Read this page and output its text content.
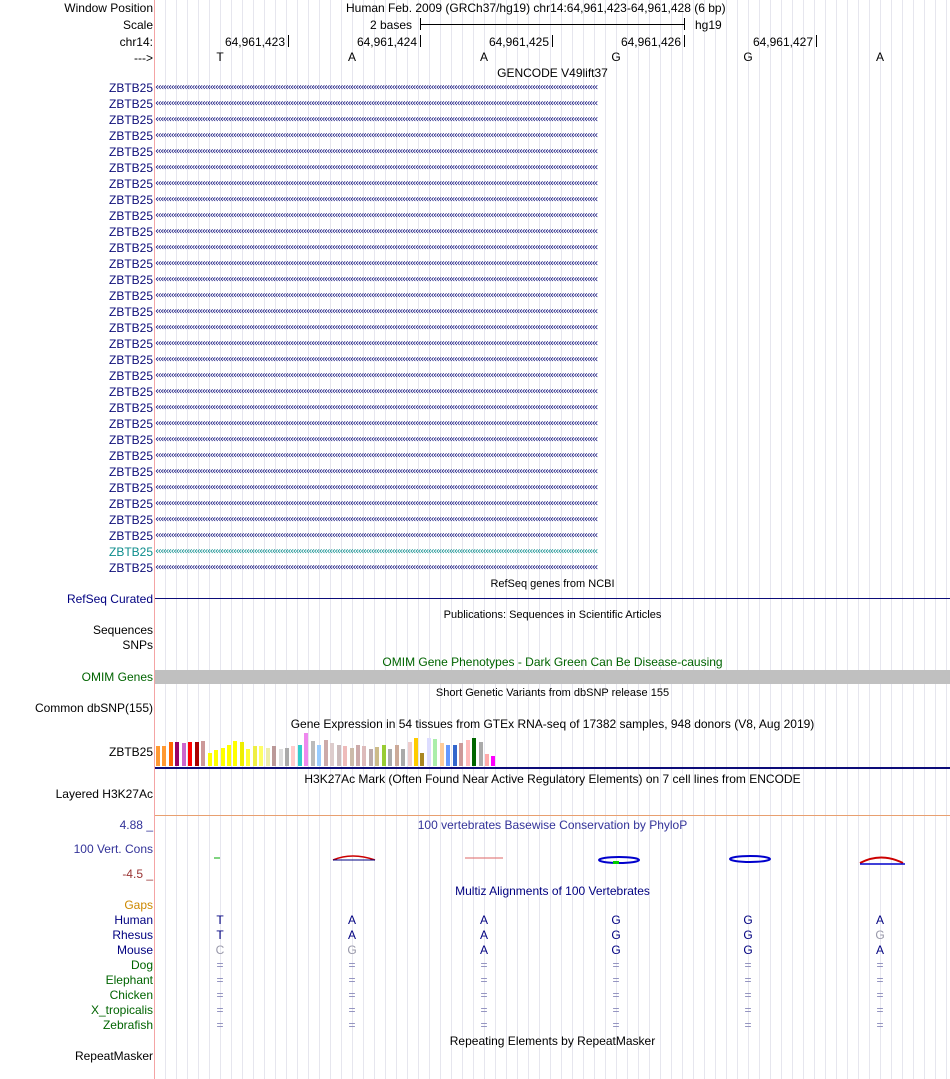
Window Position	Human Feb. 2009 (GRCh37/hg19) chr14:64,961,423-64,961,428 (6 bp)
Scale	2 bases	hg19
chr14:	64,961,423	64,961,424	64,961,425	64,961,426	64,961,427
--->	T	A	A	G	G	A
GENCODE V49lift37
ZBTB25 ‹‹‹‹‹‹‹‹‹‹‹‹‹‹‹‹‹‹‹‹‹‹‹‹‹‹‹‹‹‹‹‹‹‹‹‹‹‹‹‹‹‹‹‹‹‹‹‹‹‹‹‹‹‹‹‹‹‹‹‹‹‹‹‹‹‹‹‹‹‹‹‹‹‹‹‹‹‹‹‹‹‹‹‹‹‹‹‹‹‹‹‹‹‹‹‹‹‹‹‹‹‹‹‹‹‹‹‹‹‹‹‹‹‹‹‹‹‹‹‹‹‹‹‹‹‹‹‹‹‹‹‹‹‹‹‹‹‹‹‹‹‹‹‹‹‹‹‹‹‹‹‹‹‹‹‹‹‹‹‹‹‹‹‹‹‹‹‹‹‹
ZBTB25 ‹‹‹‹‹‹‹‹‹‹‹‹‹‹‹‹‹‹‹‹‹‹‹‹‹‹‹‹‹‹‹‹‹‹‹‹‹‹‹‹‹‹‹‹‹‹‹‹‹‹‹‹‹‹‹‹‹‹‹‹‹‹‹‹‹‹‹‹‹‹‹‹‹‹‹‹‹‹‹‹‹‹‹‹‹‹‹‹‹‹‹‹‹‹‹‹‹‹‹‹‹‹‹‹‹‹‹‹‹‹‹‹‹‹‹‹‹‹‹‹‹‹‹‹‹‹‹‹‹‹‹‹‹‹‹‹‹‹‹‹‹‹‹‹‹‹‹‹‹‹‹‹‹‹‹‹‹‹‹‹‹‹‹‹‹‹‹‹‹‹
ZBTB25 ‹‹‹‹‹‹‹‹‹‹‹‹‹‹‹‹‹‹‹‹‹‹‹‹‹‹‹‹‹‹‹‹‹‹‹‹‹‹‹‹‹‹‹‹‹‹‹‹‹‹‹‹‹‹‹‹‹‹‹‹‹‹‹‹‹‹‹‹‹‹‹‹‹‹‹‹‹‹‹‹‹‹‹‹‹‹‹‹‹‹‹‹‹‹‹‹‹‹‹‹‹‹‹‹‹‹‹‹‹‹‹‹‹‹‹‹‹‹‹‹‹‹‹‹‹‹‹‹‹‹‹‹‹‹‹‹‹‹‹‹‹‹‹‹‹‹‹‹‹‹‹‹‹‹‹‹‹‹‹‹‹‹‹‹‹‹‹‹‹‹
ZBTB25 ‹‹‹‹‹‹‹‹‹‹‹‹‹‹‹‹‹‹‹‹‹‹‹‹‹‹‹‹‹‹‹‹‹‹‹‹‹‹‹‹‹‹‹‹‹‹‹‹‹‹‹‹‹‹‹‹‹‹‹‹‹‹‹‹‹‹‹‹‹‹‹‹‹‹‹‹‹‹‹‹‹‹‹‹‹‹‹‹‹‹‹‹‹‹‹‹‹‹‹‹‹‹‹‹‹‹‹‹‹‹‹‹‹‹‹‹‹‹‹‹‹‹‹‹‹‹‹‹‹‹‹‹‹‹‹‹‹‹‹‹‹‹‹‹‹‹‹‹‹‹‹‹‹‹‹‹‹‹‹‹‹‹‹‹‹‹‹‹‹‹
ZBTB25 ‹‹‹‹‹‹‹‹‹‹‹‹‹‹‹‹‹‹‹‹‹‹‹‹‹‹‹‹‹‹‹‹‹‹‹‹‹‹‹‹‹‹‹‹‹‹‹‹‹‹‹‹‹‹‹‹‹‹‹‹‹‹‹‹‹‹‹‹‹‹‹‹‹‹‹‹‹‹‹‹‹‹‹‹‹‹‹‹‹‹‹‹‹‹‹‹‹‹‹‹‹‹‹‹‹‹‹‹‹‹‹‹‹‹‹‹‹‹‹‹‹‹‹‹‹‹‹‹‹‹‹‹‹‹‹‹‹‹‹‹‹‹‹‹‹‹‹‹‹‹‹‹‹‹‹‹‹‹‹‹‹‹‹‹‹‹‹‹‹‹
ZBTB25 ‹‹‹‹‹‹‹‹‹‹‹‹‹‹‹‹‹‹‹‹‹‹‹‹‹‹‹‹‹‹‹‹‹‹‹‹‹‹‹‹‹‹‹‹‹‹‹‹‹‹‹‹‹‹‹‹‹‹‹‹‹‹‹‹‹‹‹‹‹‹‹‹‹‹‹‹‹‹‹‹‹‹‹‹‹‹‹‹‹‹‹‹‹‹‹‹‹‹‹‹‹‹‹‹‹‹‹‹‹‹‹‹‹‹‹‹‹‹‹‹‹‹‹‹‹‹‹‹‹‹‹‹‹‹‹‹‹‹‹‹‹‹‹‹‹‹‹‹‹‹‹‹‹‹‹‹‹‹‹‹‹‹‹‹‹‹‹‹‹‹
ZBTB25 ‹‹‹‹‹‹‹‹‹‹‹‹‹‹‹‹‹‹‹‹‹‹‹‹‹‹‹‹‹‹‹‹‹‹‹‹‹‹‹‹‹‹‹‹‹‹‹‹‹‹‹‹‹‹‹‹‹‹‹‹‹‹‹‹‹‹‹‹‹‹‹‹‹‹‹‹‹‹‹‹‹‹‹‹‹‹‹‹‹‹‹‹‹‹‹‹‹‹‹‹‹‹‹‹‹‹‹‹‹‹‹‹‹‹‹‹‹‹‹‹‹‹‹‹‹‹‹‹‹‹‹‹‹‹‹‹‹‹‹‹‹‹‹‹‹‹‹‹‹‹‹‹‹‹‹‹‹‹‹‹‹‹‹‹‹‹‹‹‹‹
ZBTB25 ‹‹‹‹‹‹‹‹‹‹‹‹‹‹‹‹‹‹‹‹‹‹‹‹‹‹‹‹‹‹‹‹‹‹‹‹‹‹‹‹‹‹‹‹‹‹‹‹‹‹‹‹‹‹‹‹‹‹‹‹‹‹‹‹‹‹‹‹‹‹‹‹‹‹‹‹‹‹‹‹‹‹‹‹‹‹‹‹‹‹‹‹‹‹‹‹‹‹‹‹‹‹‹‹‹‹‹‹‹‹‹‹‹‹‹‹‹‹‹‹‹‹‹‹‹‹‹‹‹‹‹‹‹‹‹‹‹‹‹‹‹‹‹‹‹‹‹‹‹‹‹‹‹‹‹‹‹‹‹‹‹‹‹‹‹‹‹‹‹‹
ZBTB25 ‹‹‹‹‹‹‹‹‹‹‹‹‹‹‹‹‹‹‹‹‹‹‹‹‹‹‹‹‹‹‹‹‹‹‹‹‹‹‹‹‹‹‹‹‹‹‹‹‹‹‹‹‹‹‹‹‹‹‹‹‹‹‹‹‹‹‹‹‹‹‹‹‹‹‹‹‹‹‹‹‹‹‹‹‹‹‹‹‹‹‹‹‹‹‹‹‹‹‹‹‹‹‹‹‹‹‹‹‹‹‹‹‹‹‹‹‹‹‹‹‹‹‹‹‹‹‹‹‹‹‹‹‹‹‹‹‹‹‹‹‹‹‹‹‹‹‹‹‹‹‹‹‹‹‹‹‹‹‹‹‹‹‹‹‹‹‹‹‹‹
ZBTB25 ‹‹‹‹‹‹‹‹‹‹‹‹‹‹‹‹‹‹‹‹‹‹‹‹‹‹‹‹‹‹‹‹‹‹‹‹‹‹‹‹‹‹‹‹‹‹‹‹‹‹‹‹‹‹‹‹‹‹‹‹‹‹‹‹‹‹‹‹‹‹‹‹‹‹‹‹‹‹‹‹‹‹‹‹‹‹‹‹‹‹‹‹‹‹‹‹‹‹‹‹‹‹‹‹‹‹‹‹‹‹‹‹‹‹‹‹‹‹‹‹‹‹‹‹‹‹‹‹‹‹‹‹‹‹‹‹‹‹‹‹‹‹‹‹‹‹‹‹‹‹‹‹‹‹‹‹‹‹‹‹‹‹‹‹‹‹‹‹‹‹
ZBTB25 ‹‹‹‹‹‹‹‹‹‹‹‹‹‹‹‹‹‹‹‹‹‹‹‹‹‹‹‹‹‹‹‹‹‹‹‹‹‹‹‹‹‹‹‹‹‹‹‹‹‹‹‹‹‹‹‹‹‹‹‹‹‹‹‹‹‹‹‹‹‹‹‹‹‹‹‹‹‹‹‹‹‹‹‹‹‹‹‹‹‹‹‹‹‹‹‹‹‹‹‹‹‹‹‹‹‹‹‹‹‹‹‹‹‹‹‹‹‹‹‹‹‹‹‹‹‹‹‹‹‹‹‹‹‹‹‹‹‹‹‹‹‹‹‹‹‹‹‹‹‹‹‹‹‹‹‹‹‹‹‹‹‹‹‹‹‹‹‹‹‹
ZBTB25 ‹‹‹‹‹‹‹‹‹‹‹‹‹‹‹‹‹‹‹‹‹‹‹‹‹‹‹‹‹‹‹‹‹‹‹‹‹‹‹‹‹‹‹‹‹‹‹‹‹‹‹‹‹‹‹‹‹‹‹‹‹‹‹‹‹‹‹‹‹‹‹‹‹‹‹‹‹‹‹‹‹‹‹‹‹‹‹‹‹‹‹‹‹‹‹‹‹‹‹‹‹‹‹‹‹‹‹‹‹‹‹‹‹‹‹‹‹‹‹‹‹‹‹‹‹‹‹‹‹‹‹‹‹‹‹‹‹‹‹‹‹‹‹‹‹‹‹‹‹‹‹‹‹‹‹‹‹‹‹‹‹‹‹‹‹‹‹‹‹‹
ZBTB25 ‹‹‹‹‹‹‹‹‹‹‹‹‹‹‹‹‹‹‹‹‹‹‹‹‹‹‹‹‹‹‹‹‹‹‹‹‹‹‹‹‹‹‹‹‹‹‹‹‹‹‹‹‹‹‹‹‹‹‹‹‹‹‹‹‹‹‹‹‹‹‹‹‹‹‹‹‹‹‹‹‹‹‹‹‹‹‹‹‹‹‹‹‹‹‹‹‹‹‹‹‹‹‹‹‹‹‹‹‹‹‹‹‹‹‹‹‹‹‹‹‹‹‹‹‹‹‹‹‹‹‹‹‹‹‹‹‹‹‹‹‹‹‹‹‹‹‹‹‹‹‹‹‹‹‹‹‹‹‹‹‹‹‹‹‹‹‹‹‹‹
ZBTB25 ‹‹‹‹‹‹‹‹‹‹‹‹‹‹‹‹‹‹‹‹‹‹‹‹‹‹‹‹‹‹‹‹‹‹‹‹‹‹‹‹‹‹‹‹‹‹‹‹‹‹‹‹‹‹‹‹‹‹‹‹‹‹‹‹‹‹‹‹‹‹‹‹‹‹‹‹‹‹‹‹‹‹‹‹‹‹‹‹‹‹‹‹‹‹‹‹‹‹‹‹‹‹‹‹‹‹‹‹‹‹‹‹‹‹‹‹‹‹‹‹‹‹‹‹‹‹‹‹‹‹‹‹‹‹‹‹‹‹‹‹‹‹‹‹‹‹‹‹‹‹‹‹‹‹‹‹‹‹‹‹‹‹‹‹‹‹‹‹‹‹
ZBTB25 ‹‹‹‹‹‹‹‹‹‹‹‹‹‹‹‹‹‹‹‹‹‹‹‹‹‹‹‹‹‹‹‹‹‹‹‹‹‹‹‹‹‹‹‹‹‹‹‹‹‹‹‹‹‹‹‹‹‹‹‹‹‹‹‹‹‹‹‹‹‹‹‹‹‹‹‹‹‹‹‹‹‹‹‹‹‹‹‹‹‹‹‹‹‹‹‹‹‹‹‹‹‹‹‹‹‹‹‹‹‹‹‹‹‹‹‹‹‹‹‹‹‹‹‹‹‹‹‹‹‹‹‹‹‹‹‹‹‹‹‹‹‹‹‹‹‹‹‹‹‹‹‹‹‹‹‹‹‹‹‹‹‹‹‹‹‹‹‹‹‹
ZBTB25 ‹‹‹‹‹‹‹‹‹‹‹‹‹‹‹‹‹‹‹‹‹‹‹‹‹‹‹‹‹‹‹‹‹‹‹‹‹‹‹‹‹‹‹‹‹‹‹‹‹‹‹‹‹‹‹‹‹‹‹‹‹‹‹‹‹‹‹‹‹‹‹‹‹‹‹‹‹‹‹‹‹‹‹‹‹‹‹‹‹‹‹‹‹‹‹‹‹‹‹‹‹‹‹‹‹‹‹‹‹‹‹‹‹‹‹‹‹‹‹‹‹‹‹‹‹‹‹‹‹‹‹‹‹‹‹‹‹‹‹‹‹‹‹‹‹‹‹‹‹‹‹‹‹‹‹‹‹‹‹‹‹‹‹‹‹‹‹‹‹‹
ZBTB25 ‹‹‹‹‹‹‹‹‹‹‹‹‹‹‹‹‹‹‹‹‹‹‹‹‹‹‹‹‹‹‹‹‹‹‹‹‹‹‹‹‹‹‹‹‹‹‹‹‹‹‹‹‹‹‹‹‹‹‹‹‹‹‹‹‹‹‹‹‹‹‹‹‹‹‹‹‹‹‹‹‹‹‹‹‹‹‹‹‹‹‹‹‹‹‹‹‹‹‹‹‹‹‹‹‹‹‹‹‹‹‹‹‹‹‹‹‹‹‹‹‹‹‹‹‹‹‹‹‹‹‹‹‹‹‹‹‹‹‹‹‹‹‹‹‹‹‹‹‹‹‹‹‹‹‹‹‹‹‹‹‹‹‹‹‹‹‹‹‹‹
ZBTB25 ‹‹‹‹‹‹‹‹‹‹‹‹‹‹‹‹‹‹‹‹‹‹‹‹‹‹‹‹‹‹‹‹‹‹‹‹‹‹‹‹‹‹‹‹‹‹‹‹‹‹‹‹‹‹‹‹‹‹‹‹‹‹‹‹‹‹‹‹‹‹‹‹‹‹‹‹‹‹‹‹‹‹‹‹‹‹‹‹‹‹‹‹‹‹‹‹‹‹‹‹‹‹‹‹‹‹‹‹‹‹‹‹‹‹‹‹‹‹‹‹‹‹‹‹‹‹‹‹‹‹‹‹‹‹‹‹‹‹‹‹‹‹‹‹‹‹‹‹‹‹‹‹‹‹‹‹‹‹‹‹‹‹‹‹‹‹‹‹‹‹
ZBTB25 ‹‹‹‹‹‹‹‹‹‹‹‹‹‹‹‹‹‹‹‹‹‹‹‹‹‹‹‹‹‹‹‹‹‹‹‹‹‹‹‹‹‹‹‹‹‹‹‹‹‹‹‹‹‹‹‹‹‹‹‹‹‹‹‹‹‹‹‹‹‹‹‹‹‹‹‹‹‹‹‹‹‹‹‹‹‹‹‹‹‹‹‹‹‹‹‹‹‹‹‹‹‹‹‹‹‹‹‹‹‹‹‹‹‹‹‹‹‹‹‹‹‹‹‹‹‹‹‹‹‹‹‹‹‹‹‹‹‹‹‹‹‹‹‹‹‹‹‹‹‹‹‹‹‹‹‹‹‹‹‹‹‹‹‹‹‹‹‹‹‹
ZBTB25 ‹‹‹‹‹‹‹‹‹‹‹‹‹‹‹‹‹‹‹‹‹‹‹‹‹‹‹‹‹‹‹‹‹‹‹‹‹‹‹‹‹‹‹‹‹‹‹‹‹‹‹‹‹‹‹‹‹‹‹‹‹‹‹‹‹‹‹‹‹‹‹‹‹‹‹‹‹‹‹‹‹‹‹‹‹‹‹‹‹‹‹‹‹‹‹‹‹‹‹‹‹‹‹‹‹‹‹‹‹‹‹‹‹‹‹‹‹‹‹‹‹‹‹‹‹‹‹‹‹‹‹‹‹‹‹‹‹‹‹‹‹‹‹‹‹‹‹‹‹‹‹‹‹‹‹‹‹‹‹‹‹‹‹‹‹‹‹‹‹‹
ZBTB25 ‹‹‹‹‹‹‹‹‹‹‹‹‹‹‹‹‹‹‹‹‹‹‹‹‹‹‹‹‹‹‹‹‹‹‹‹‹‹‹‹‹‹‹‹‹‹‹‹‹‹‹‹‹‹‹‹‹‹‹‹‹‹‹‹‹‹‹‹‹‹‹‹‹‹‹‹‹‹‹‹‹‹‹‹‹‹‹‹‹‹‹‹‹‹‹‹‹‹‹‹‹‹‹‹‹‹‹‹‹‹‹‹‹‹‹‹‹‹‹‹‹‹‹‹‹‹‹‹‹‹‹‹‹‹‹‹‹‹‹‹‹‹‹‹‹‹‹‹‹‹‹‹‹‹‹‹‹‹‹‹‹‹‹‹‹‹‹‹‹‹
ZBTB25 ‹‹‹‹‹‹‹‹‹‹‹‹‹‹‹‹‹‹‹‹‹‹‹‹‹‹‹‹‹‹‹‹‹‹‹‹‹‹‹‹‹‹‹‹‹‹‹‹‹‹‹‹‹‹‹‹‹‹‹‹‹‹‹‹‹‹‹‹‹‹‹‹‹‹‹‹‹‹‹‹‹‹‹‹‹‹‹‹‹‹‹‹‹‹‹‹‹‹‹‹‹‹‹‹‹‹‹‹‹‹‹‹‹‹‹‹‹‹‹‹‹‹‹‹‹‹‹‹‹‹‹‹‹‹‹‹‹‹‹‹‹‹‹‹‹‹‹‹‹‹‹‹‹‹‹‹‹‹‹‹‹‹‹‹‹‹‹‹‹‹
ZBTB25 ‹‹‹‹‹‹‹‹‹‹‹‹‹‹‹‹‹‹‹‹‹‹‹‹‹‹‹‹‹‹‹‹‹‹‹‹‹‹‹‹‹‹‹‹‹‹‹‹‹‹‹‹‹‹‹‹‹‹‹‹‹‹‹‹‹‹‹‹‹‹‹‹‹‹‹‹‹‹‹‹‹‹‹‹‹‹‹‹‹‹‹‹‹‹‹‹‹‹‹‹‹‹‹‹‹‹‹‹‹‹‹‹‹‹‹‹‹‹‹‹‹‹‹‹‹‹‹‹‹‹‹‹‹‹‹‹‹‹‹‹‹‹‹‹‹‹‹‹‹‹‹‹‹‹‹‹‹‹‹‹‹‹‹‹‹‹‹‹‹‹
ZBTB25 ‹‹‹‹‹‹‹‹‹‹‹‹‹‹‹‹‹‹‹‹‹‹‹‹‹‹‹‹‹‹‹‹‹‹‹‹‹‹‹‹‹‹‹‹‹‹‹‹‹‹‹‹‹‹‹‹‹‹‹‹‹‹‹‹‹‹‹‹‹‹‹‹‹‹‹‹‹‹‹‹‹‹‹‹‹‹‹‹‹‹‹‹‹‹‹‹‹‹‹‹‹‹‹‹‹‹‹‹‹‹‹‹‹‹‹‹‹‹‹‹‹‹‹‹‹‹‹‹‹‹‹‹‹‹‹‹‹‹‹‹‹‹‹‹‹‹‹‹‹‹‹‹‹‹‹‹‹‹‹‹‹‹‹‹‹‹‹‹‹‹
ZBTB25 ‹‹‹‹‹‹‹‹‹‹‹‹‹‹‹‹‹‹‹‹‹‹‹‹‹‹‹‹‹‹‹‹‹‹‹‹‹‹‹‹‹‹‹‹‹‹‹‹‹‹‹‹‹‹‹‹‹‹‹‹‹‹‹‹‹‹‹‹‹‹‹‹‹‹‹‹‹‹‹‹‹‹‹‹‹‹‹‹‹‹‹‹‹‹‹‹‹‹‹‹‹‹‹‹‹‹‹‹‹‹‹‹‹‹‹‹‹‹‹‹‹‹‹‹‹‹‹‹‹‹‹‹‹‹‹‹‹‹‹‹‹‹‹‹‹‹‹‹‹‹‹‹‹‹‹‹‹‹‹‹‹‹‹‹‹‹‹‹‹‹
ZBTB25 ‹‹‹‹‹‹‹‹‹‹‹‹‹‹‹‹‹‹‹‹‹‹‹‹‹‹‹‹‹‹‹‹‹‹‹‹‹‹‹‹‹‹‹‹‹‹‹‹‹‹‹‹‹‹‹‹‹‹‹‹‹‹‹‹‹‹‹‹‹‹‹‹‹‹‹‹‹‹‹‹‹‹‹‹‹‹‹‹‹‹‹‹‹‹‹‹‹‹‹‹‹‹‹‹‹‹‹‹‹‹‹‹‹‹‹‹‹‹‹‹‹‹‹‹‹‹‹‹‹‹‹‹‹‹‹‹‹‹‹‹‹‹‹‹‹‹‹‹‹‹‹‹‹‹‹‹‹‹‹‹‹‹‹‹‹‹‹‹‹‹
ZBTB25 ‹‹‹‹‹‹‹‹‹‹‹‹‹‹‹‹‹‹‹‹‹‹‹‹‹‹‹‹‹‹‹‹‹‹‹‹‹‹‹‹‹‹‹‹‹‹‹‹‹‹‹‹‹‹‹‹‹‹‹‹‹‹‹‹‹‹‹‹‹‹‹‹‹‹‹‹‹‹‹‹‹‹‹‹‹‹‹‹‹‹‹‹‹‹‹‹‹‹‹‹‹‹‹‹‹‹‹‹‹‹‹‹‹‹‹‹‹‹‹‹‹‹‹‹‹‹‹‹‹‹‹‹‹‹‹‹‹‹‹‹‹‹‹‹‹‹‹‹‹‹‹‹‹‹‹‹‹‹‹‹‹‹‹‹‹‹‹‹‹‹
ZBTB25 ‹‹‹‹‹‹‹‹‹‹‹‹‹‹‹‹‹‹‹‹‹‹‹‹‹‹‹‹‹‹‹‹‹‹‹‹‹‹‹‹‹‹‹‹‹‹‹‹‹‹‹‹‹‹‹‹‹‹‹‹‹‹‹‹‹‹‹‹‹‹‹‹‹‹‹‹‹‹‹‹‹‹‹‹‹‹‹‹‹‹‹‹‹‹‹‹‹‹‹‹‹‹‹‹‹‹‹‹‹‹‹‹‹‹‹‹‹‹‹‹‹‹‹‹‹‹‹‹‹‹‹‹‹‹‹‹‹‹‹‹‹‹‹‹‹‹‹‹‹‹‹‹‹‹‹‹‹‹‹‹‹‹‹‹‹‹‹‹‹‹
ZBTB25 ‹‹‹‹‹‹‹‹‹‹‹‹‹‹‹‹‹‹‹‹‹‹‹‹‹‹‹‹‹‹‹‹‹‹‹‹‹‹‹‹‹‹‹‹‹‹‹‹‹‹‹‹‹‹‹‹‹‹‹‹‹‹‹‹‹‹‹‹‹‹‹‹‹‹‹‹‹‹‹‹‹‹‹‹‹‹‹‹‹‹‹‹‹‹‹‹‹‹‹‹‹‹‹‹‹‹‹‹‹‹‹‹‹‹‹‹‹‹‹‹‹‹‹‹‹‹‹‹‹‹‹‹‹‹‹‹‹‹‹‹‹‹‹‹‹‹‹‹‹‹‹‹‹‹‹‹‹‹‹‹‹‹‹‹‹‹‹‹‹‹
ZBTB25 ‹‹‹‹‹‹‹‹‹‹‹‹‹‹‹‹‹‹‹‹‹‹‹‹‹‹‹‹‹‹‹‹‹‹‹‹‹‹‹‹‹‹‹‹‹‹‹‹‹‹‹‹‹‹‹‹‹‹‹‹‹‹‹‹‹‹‹‹‹‹‹‹‹‹‹‹‹‹‹‹‹‹‹‹‹‹‹‹‹‹‹‹‹‹‹‹‹‹‹‹‹‹‹‹‹‹‹‹‹‹‹‹‹‹‹‹‹‹‹‹‹‹‹‹‹‹‹‹‹‹‹‹‹‹‹‹‹‹‹‹‹‹‹‹‹‹‹‹‹‹‹‹‹‹‹‹‹‹‹‹‹‹‹‹‹‹‹‹‹‹
ZBTB25 ‹‹‹‹‹‹‹‹‹‹‹‹‹‹‹‹‹‹‹‹‹‹‹‹‹‹‹‹‹‹‹‹‹‹‹‹‹‹‹‹‹‹‹‹‹‹‹‹‹‹‹‹‹‹‹‹‹‹‹‹‹‹‹‹‹‹‹‹‹‹‹‹‹‹‹‹‹‹‹‹‹‹‹‹‹‹‹‹‹‹‹‹‹‹‹‹‹‹‹‹‹‹‹‹‹‹‹‹‹‹‹‹‹‹‹‹‹‹‹‹‹‹‹‹‹‹‹‹‹‹‹‹‹‹‹‹‹‹‹‹‹‹‹‹‹‹‹‹‹‹‹‹‹‹‹‹‹‹‹‹‹‹‹‹‹‹‹‹‹‹
RefSeq genes from NCBI
RefSeq Curated
Publications: Sequences in Scientific Articles
Sequences
SNPs
OMIM Gene Phenotypes - Dark Green Can Be Disease-causing
OMIM Genes
Short Genetic Variants from dbSNP release 155
Common dbSNP(155)
Gene Expression in 54 tissues from GTEx RNA-seq of 17382 samples, 948 donors (V8, Aug 2019)
ZBTB25
H3K27Ac Mark (Often Found Near Active Regulatory Elements) on 7 cell lines from ENCODE
Layered H3K27Ac
4.88 _	100 vertebrates Basewise Conservation by PhyloP
100 Vert. Cons
-4.5 _
Multiz Alignments of 100 Vertebrates
Gaps
Human	T	A	A	G	G	A
Rhesus	T	A	A	G	G	G
Mouse	C	G	A	G	G	A
Dog	=	=	=	=	=	=
Elephant	=	=	=	=	=	=
Chicken	=	=	=	=	=	=
X_tropicalis	=	=	=	=	=	=
Zebrafish	=	=	=	=	=	=
Repeating Elements by RepeatMasker
RepeatMasker
